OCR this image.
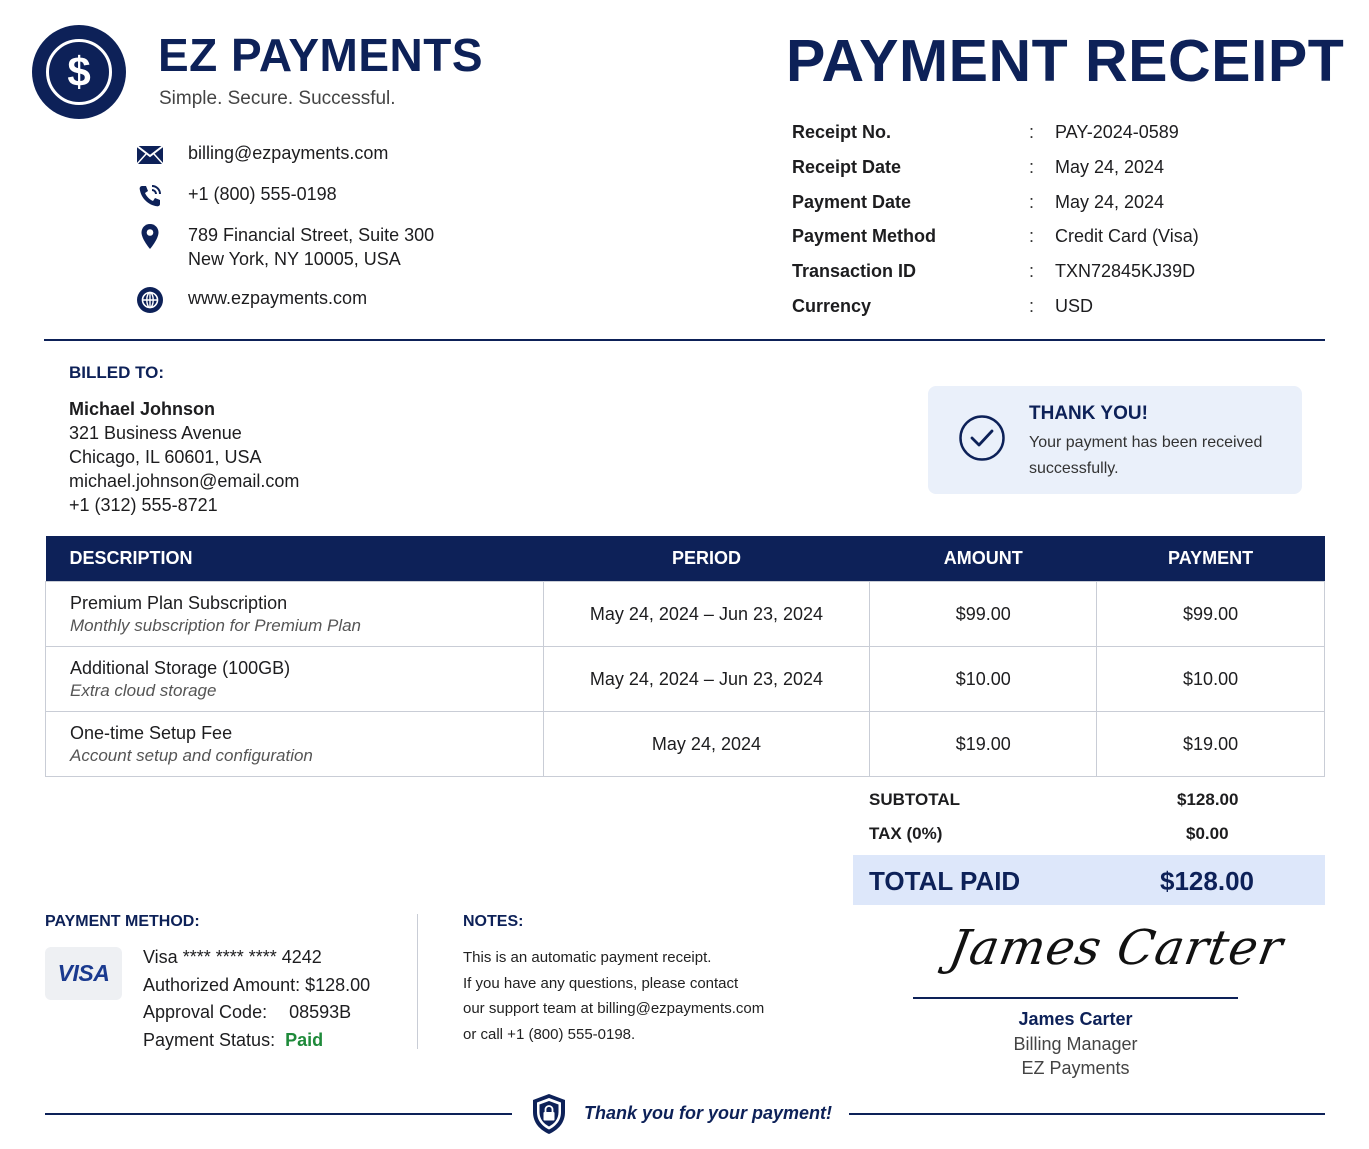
$	EZ PAYMENTS
Simple. Secure. Successful.
billing@ezpayments.com
+1 (800) 555-0198
789 Financial Street, Suite 300
New York, NY 10005, USA
www.ezpayments.com
PAYMENT RECEIPT
Receipt No.	: PAY-2024-0589
Receipt Date	: May 24, 2024
Payment Date	: May 24, 2024
Payment Method	: Credit Card (Visa)
Transaction ID	: TXN72845KJ39D
Currency	: USD
BILLED TO:
Michael Johnson
321 Business Avenue
Chicago, IL 60601, USA
michael.johnson@email.com
+1 (312) 555-8721
THANK YOU!
Your payment has been received successfully.
DESCRIPTION	PERIOD	AMOUNT	PAYMENT

Premium Plan Subscription
Monthly subscription for Premium Plan	May 24, 2024 – Jun 23, 2024	$99.00	$99.00

Additional Storage (100GB)
Extra cloud storage	May 24, 2024 – Jun 23, 2024	$10.00	$10.00

One-time Setup Fee
Account setup and configuration	May 24, 2024	$19.00	$19.00
SUBTOTAL	$128.00
TAX (0%)	$0.00
TOTAL PAID	$128.00
PAYMENT METHOD:
VISA
Visa **** **** **** 4242
Authorized Amount: $128.00
Approval Code: 08593B
Payment Status: Paid
NOTES:
This is an automatic payment receipt.
If you have any questions, please contact
our support team at billing@ezpayments.com
or call +1 (800) 555-0198.
James Carter
James Carter
Billing Manager
EZ Payments
Thank you for your payment!
